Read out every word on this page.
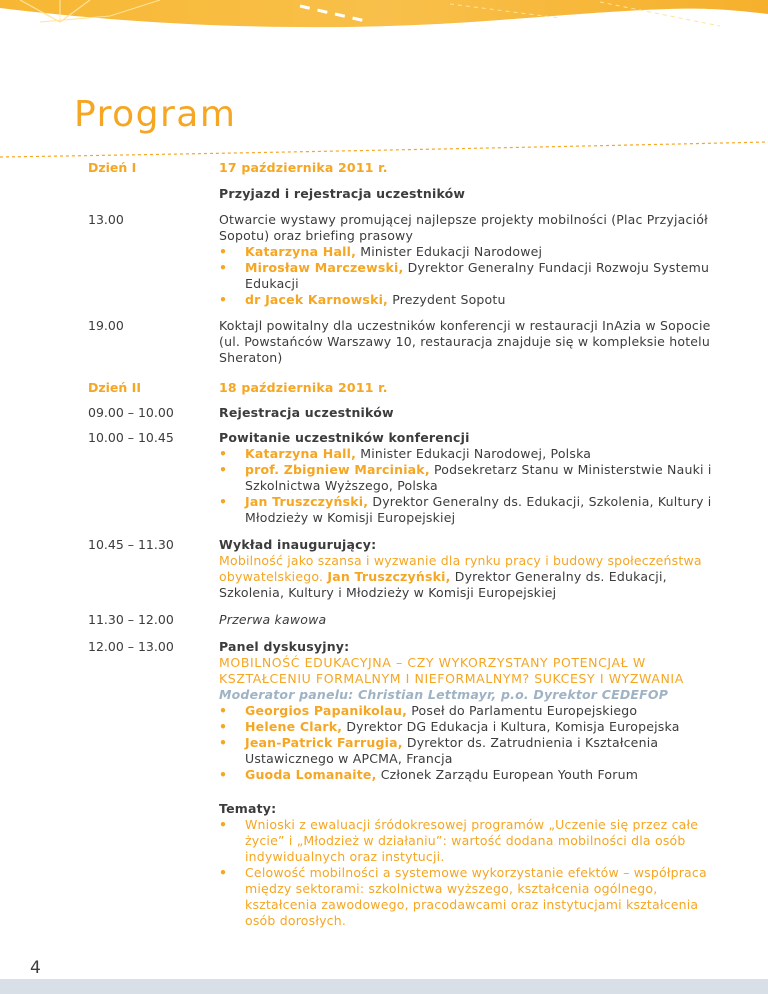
Program
Dzień I	17 października 2011 r.
Przyjazd i rejestracja uczestników
13.00	Otwarcie wystawy promującej najlepsze projekty mobilności (Plac Przyjaciół Sopotu) oraz briefing prasowy
• Katarzyna Hall, Minister Edukacji Narodowej
• Mirosław Marczewski, Dyrektor Generalny Fundacji Rozwoju Systemu Edukacji
• dr Jacek Karnowski, Prezydent Sopotu
19.00	Koktajl powitalny dla uczestników konferencji w restauracji InAzia w Sopocie (ul. Powstańców Warszawy 10, restauracja znajduje się w kompleksie hotelu Sheraton)
Dzień II	18 października 2011 r.
09.00 – 10.00	Rejestracja uczestników
10.00 – 10.45	Powitanie uczestników konferencji
• Katarzyna Hall, Minister Edukacji Narodowej, Polska
• prof. Zbigniew Marciniak, Podsekretarz Stanu w Ministerstwie Nauki i Szkolnictwa Wyższego, Polska
• Jan Truszczyński, Dyrektor Generalny ds. Edukacji, Szkolenia, Kultury i Młodzieży w Komisji Europejskiej
10.45 – 11.30	Wykład inaugurujący:
Mobilność jako szansa i wyzwanie dla rynku pracy i budowy społeczeństwa obywatelskiego. Jan Truszczyński, Dyrektor Generalny ds. Edukacji, Szkolenia, Kultury i Młodzieży w Komisji Europejskiej
11.30 – 12.00	Przerwa kawowa
12.00 – 13.00	Panel dyskusyjny:
MOBILNOŚĆ EDUKACYJNA – CZY WYKORZYSTANY POTENCJAŁ W KSZTAŁCENIU FORMALNYM I NIEFORMALNYM? SUKCESY I WYZWANIA
Moderator panelu: Christian Lettmayr, p.o. Dyrektor CEDEFOP
• Georgios Papanikolau, Poseł do Parlamentu Europejskiego
• Helene Clark, Dyrektor DG Edukacja i Kultura, Komisja Europejska
• Jean-Patrick Farrugia, Dyrektor ds. Zatrudnienia i Kształcenia Ustawicznego w APCMA, Francja
• Guoda Lomanaite, Członek Zarządu European Youth Forum
Tematy:
• Wnioski z ewaluacji śródokresowej programów „Uczenie się przez całe życie” i „Młodzież w działaniu”: wartość dodana mobilności dla osób indywidualnych oraz instytucji.
• Celowość mobilności a systemowe wykorzystanie efektów – współpraca między sektorami: szkolnictwa wyższego, kształcenia ogólnego, kształcenia zawodowego, pracodawcami oraz instytucjami kształcenia osób dorosłych.
4
